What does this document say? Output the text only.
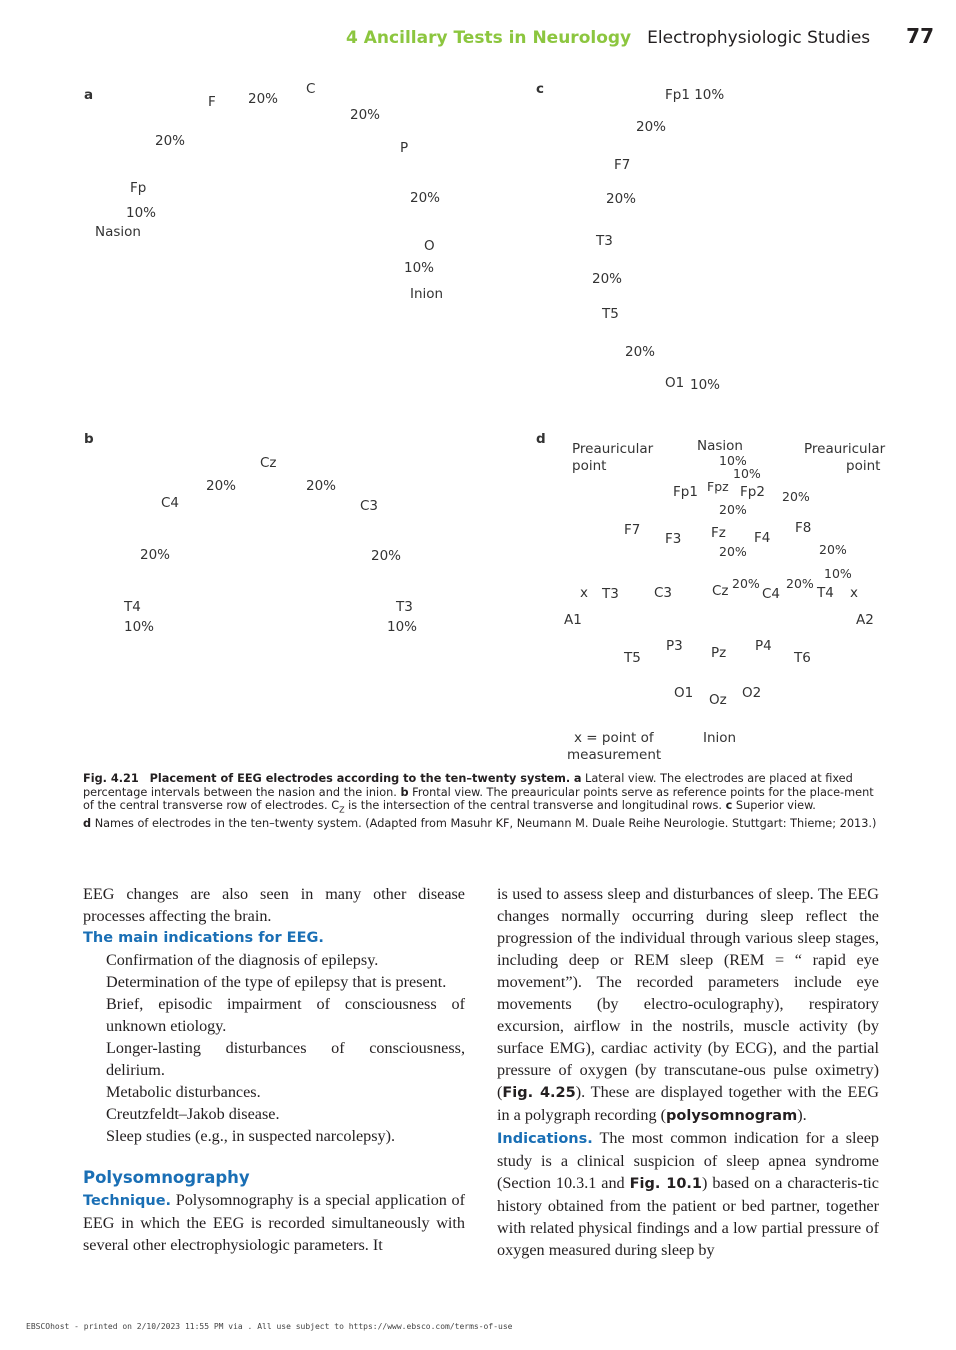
4 Ancillary Tests in Neurology Electrophysiologic Studies 77
a	F 20%
C
20%
20%	P
Fp
20%
10%
Nasion
O
10%
Inion
c	Fp1 10%
20%
F7
20%
T3
20%
T5
20%
O1 10%
b
Cz
20%	20%
C4	C3
20%	20%
T4
10%
T3
10%
d
Preauricular
point
Nasion	Preauricular
point
10%
10%
Fp1 Fpz Fp2 20%
20%
F7
F3 Fz F4
F8
20%	20%
10%
x T3	C3	Cz 20%
C4
20%
T4 x
A1	A2
P3 Pz P4
T5	T6
O1 Oz O2
x = point of
measurement
Inion
Fig. 4.21 Placement of EEG electrodes according to the ten–twenty system. a Lateral view. The electrodes are placed at fixed percentage intervals between the nasion and the inion. b Frontal view. The preauricular points serve as reference points for the place-ment of the central transverse row of electrodes. $C_Z$ is the intersection of the central transverse and longitudinal rows. c Superior view.
d Names of electrodes in the ten–twenty system. (Adapted from Masuhr KF, Neumann M. Duale Reihe Neurologie. Stuttgart: Thieme; 2013.)

EEG changes are also seen in many other disease processes affecting the brain.

The main indications for EEG.

Confirmation of the diagnosis of epilepsy.

Determination of the type of epilepsy that is present.

Brief, episodic impairment of consciousness of unknown etiology.

Longer-lasting disturbances of consciousness, delirium.

Metabolic disturbances.

Creutzfeldt–Jakob disease.

Sleep studies (e.g., in suspected narcolepsy).

Polysomnography

Technique. Polysomnography is a special application of EEG in which the EEG is recorded simultaneously with several other electrophysiologic parameters. It

is used to assess sleep and disturbances of sleep. The EEG changes normally occurring during sleep reflect the progression of the individual through various sleep stages, including deep or REM sleep (REM = “ rapid eye movement”). The recorded parameters include eye movements (by electro-oculography), respiratory excursion, airflow in the nostrils, muscle activity (by surface EMG), cardiac activity (by ECG), and the partial pressure of oxygen (by transcutane-ous pulse oximetry) (Fig. 4.25). These are displayed together with the EEG in a polygraph recording (polysomnogram).

Indications. The most common indication for a sleep study is a clinical suspicion of sleep apnea syndrome (Section 10.3.1 and Fig. 10.1) based on a characteris-tic history obtained from the patient or bed partner, together with related physical findings and a low partial pressure of oxygen measured during sleep by

EBSCOhost - printed on 2/10/2023 11:55 PM via . All use subject to https://www.ebsco.com/terms-of-use
